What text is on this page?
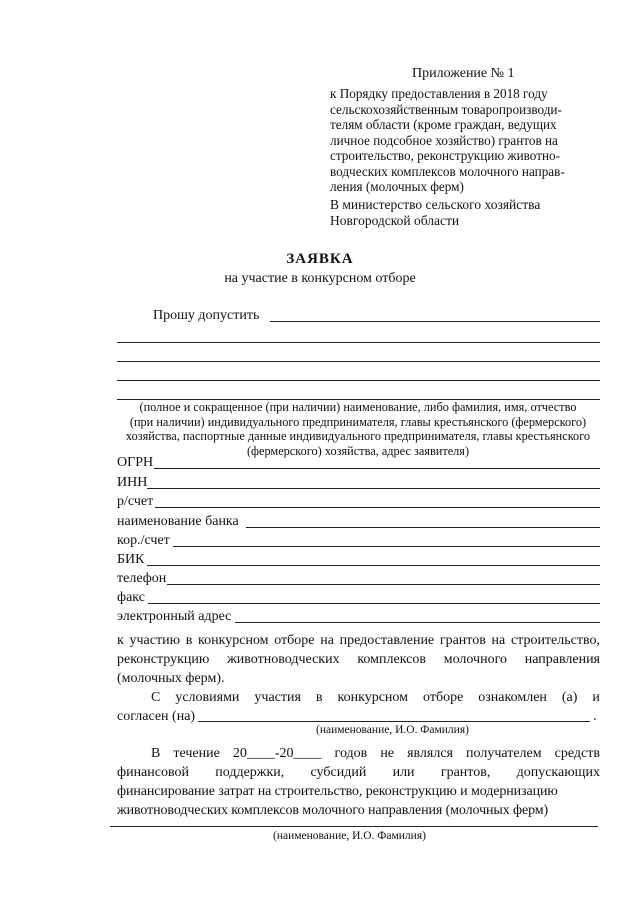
Приложение № 1
к Порядку предоставления в 2018 году
сельскохозяйственным товаропроизводи-
телям области (кроме граждан, ведущих
личное подсобное хозяйство) грантов на
строительство, реконструкцию животно-
водческих комплексов молочного направ-
ления (молочных ферм)
В министерство сельского хозяйства
Новгородской области
ЗАЯВКА
на участие в конкурсном отборе
Прошу допустить
(полное и сокращенное (при наличии) наименование, либо фамилия, имя, отчество
(при наличии) индивидуального предпринимателя, главы крестьянского (фермерского)
хозяйства, паспортные данные индивидуального предпринимателя, главы крестьянского
(фермерского) хозяйства, адрес заявителя)
ОГРН
ИНН
р/счет
наименование банка
кор./счет
БИК
телефон
факс
электронный адрес
к участию в конкурсном отборе на предоставление грантов на строительство,
реконструкцию животноводческих комплексов молочного направления
(молочных ферм).
С условиями участия в конкурсном отборе ознакомлен (а) и
согласен (на)	.
(наименование, И.О. Фамилия)
В течение 20____-20____ годов не являлся получателем средств
финансовой поддержки, субсидий или грантов, допускающих
финансирование затрат на строительство, реконструкцию и модернизацию
животноводческих комплексов молочного направления (молочных ферм)
(наименование, И.О. Фамилия)
